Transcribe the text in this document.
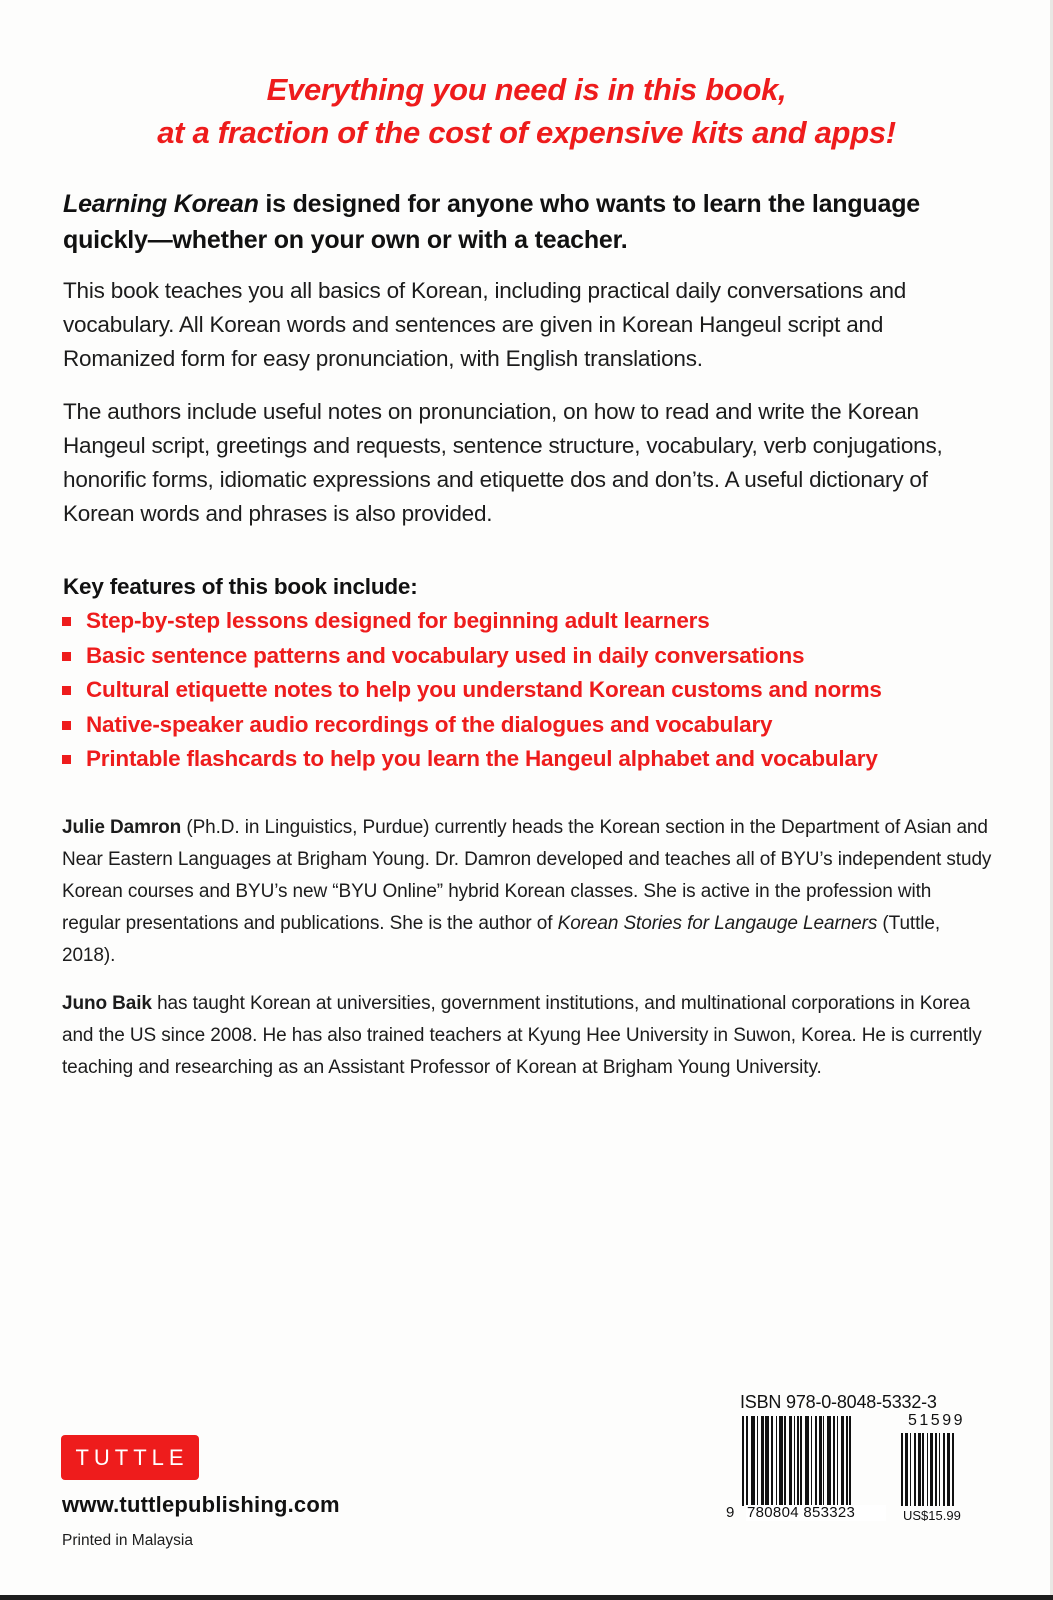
Everything you need is in this book,
at a fraction of the cost of expensive kits and apps!

Learning Korean is designed for anyone who wants to learn the language quickly—whether on your own or with a teacher.

This book teaches you all basics of Korean, including practical daily conversations and vocabulary. All Korean words and sentences are given in Korean Hangeul script and Romanized form for easy pronunciation, with English translations.

The authors include useful notes on pronunciation, on how to read and write the Korean Hangeul script, greetings and requests, sentence structure, vocabulary, verb conjugations, honorific forms, idiomatic expressions and etiquette dos and don’ts. A useful dictionary of Korean words and phrases is also provided.

Key features of this book include:
Step-by-step lessons designed for beginning adult learners
Basic sentence patterns and vocabulary used in daily conversations
Cultural etiquette notes to help you understand Korean customs and norms
Native-speaker audio recordings of the dialogues and vocabulary
Printable flashcards to help you learn the Hangeul alphabet and vocabulary

Julie Damron (Ph.D. in Linguistics, Purdue) currently heads the Korean section in the Department of Asian and Near Eastern Languages at Brigham Young. Dr. Damron developed and teaches all of BYU’s independent study Korean courses and BYU’s new “BYU Online” hybrid Korean classes. She is active in the profession with regular presentations and publications. She is the author of Korean Stories for Langauge Learners (Tuttle, 2018).

Juno Baik has taught Korean at universities, government institutions, and multinational corporations in Korea and the US since 2008. He has also trained teachers at Kyung Hee University in Suwon, Korea. He is currently teaching and researching as an Assistant Professor of Korean at Brigham Young University.

TUTTLE
www.tuttlepublishing.com
Printed in Malaysia
ISBN 978-0-8048-5332-3
51599
9 780804 853323	US$15.99
